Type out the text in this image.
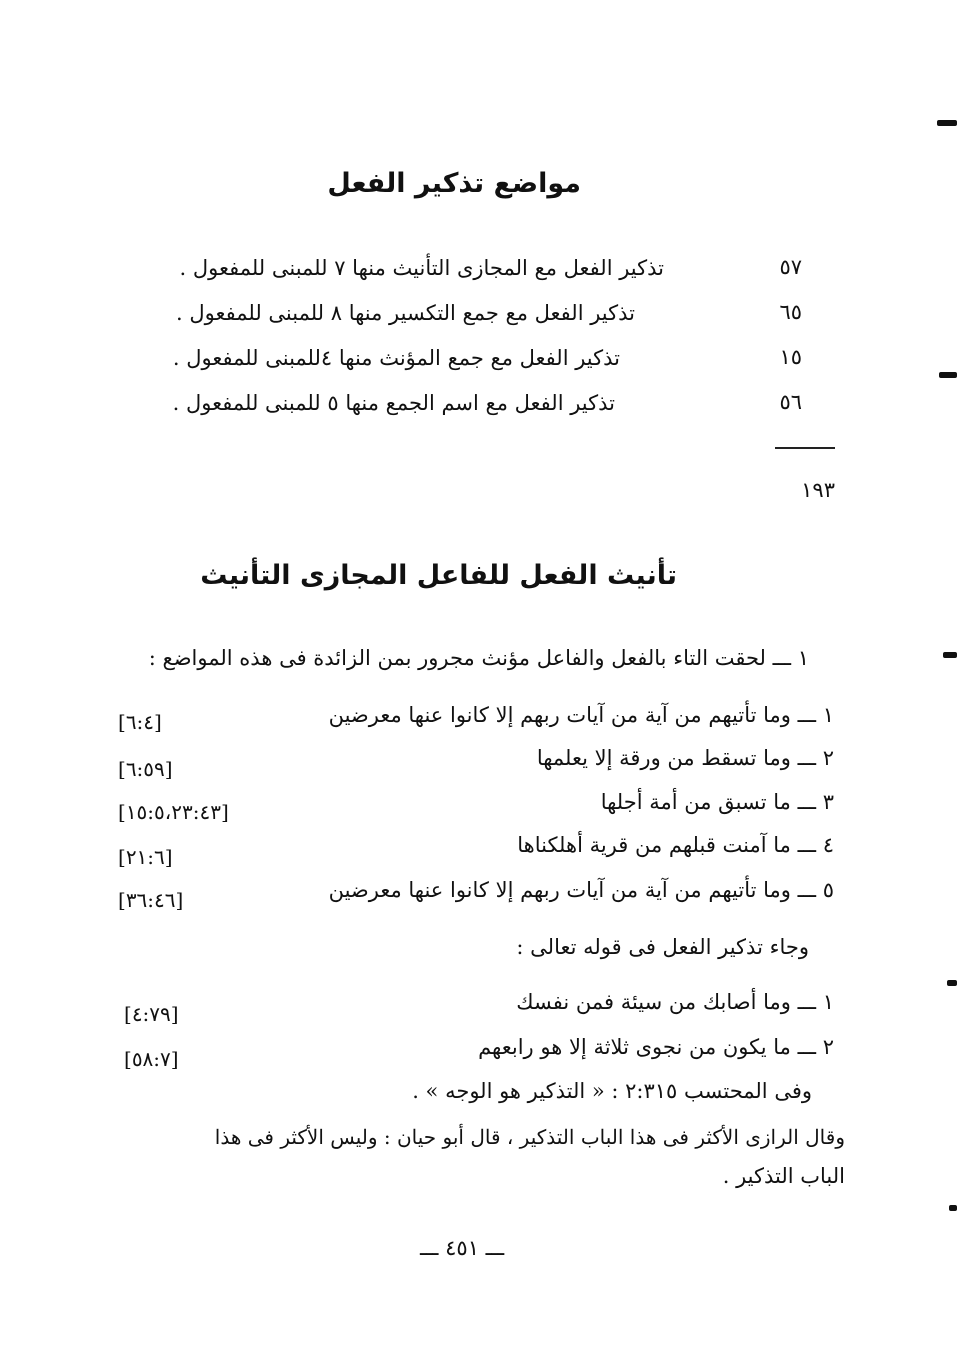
مواضع تذكير الفعل
٥٧
تذكير الفعل مع المجازى التأنيث منها ٧ للمبنى للمفعول .
٦٥
تذكير الفعل مع جمع التكسير منها ٨ للمبنى للمفعول .
١٥
تذكير الفعل مع جمع المؤنث منها ٤للمبنى للمفعول .
٥٦
تذكير الفعل مع اسم الجمع منها ٥ للمبنى للمفعول .
١٩٣
تأنيث الفعل للفاعل المجازى التأنيث
١ ـــ لحقت التاء بالفعل والفاعل مؤنث مجرور بمن الزائدة فى هذه المواضع :
١ ـــ وما تأتيهم من آية من آيات ربهم إلا كانوا عنها معرضين
[٦:٤]
٢ ـــ وما تسقط من ورقة إلا يعلمها
[٦:٥٩]
٣ ـــ ما تسبق من أمة أجلها
[١٥:٥،٢٣:٤٣]
٤ ـــ ما آمنت قبلهم من قرية أهلكناها
[٢١:٦]
٥ ـــ وما تأتيهم من آية من آيات ربهم إلا كانوا عنها معرضين
[٣٦:٤٦]
وجاء تذكير الفعل فى قوله تعالى :
١ ـــ وما أصابك من سيئة فمن نفسك
[٤:٧٩]
٢ ـــ ما يكون من نجوى ثلاثة إلا هو رابعهم
[٥٨:٧]
وفى المحتسب ٢:٣١٥ : « التذكير هو الوجه » .
وقال الرازى الأكثر فى هذا الباب التذكير ، قال أبو حيان : وليس الأكثر فى هذا
الباب التذكير .
ـــ ٤٥١ ـــ
